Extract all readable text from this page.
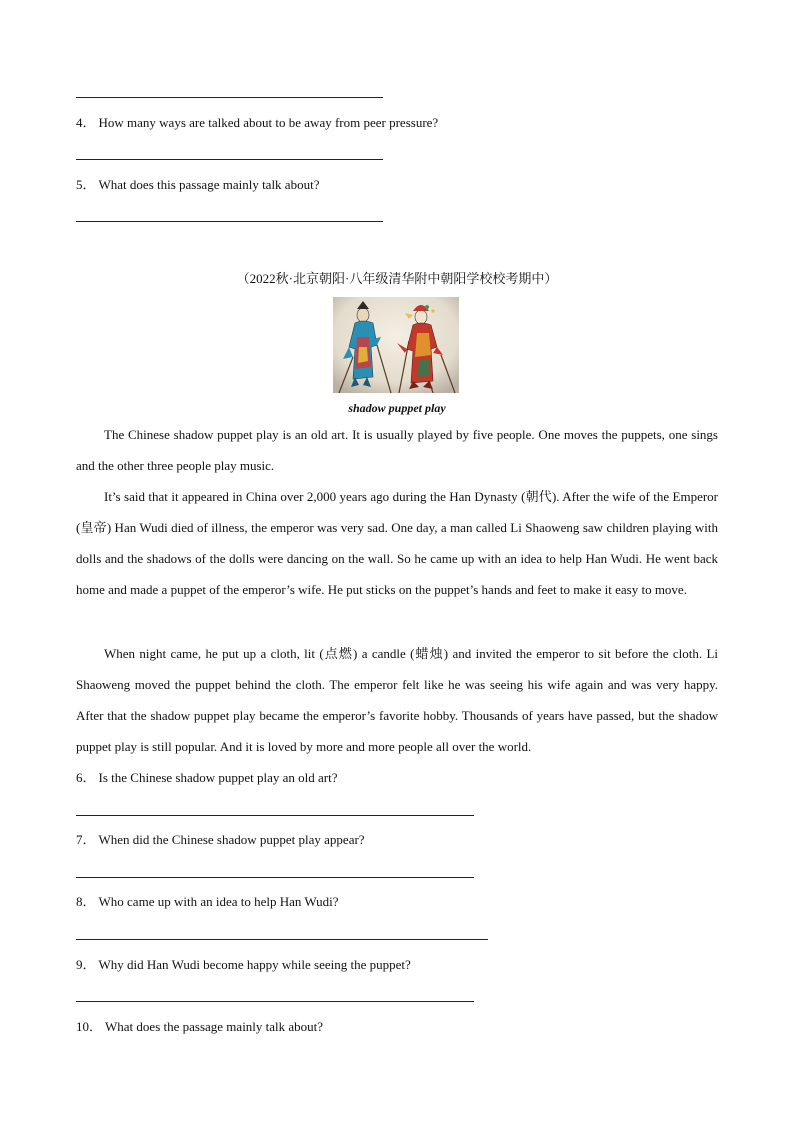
4． How many ways are talked about to be away from peer pressure?
5． What does this passage mainly talk about?
（2022秋·北京朝阳·八年级清华附中朝阳学校校考期中）
shadow puppet play

The Chinese shadow puppet play is an old art. It is usually played by five people. One moves the puppets, one sings and the other three people play music.

It’s said that it appeared in China over 2,000 years ago during the Han Dynasty (朝代). After the wife of the Emperor (皇帝) Han Wudi died of illness, the emperor was very sad. One day, a man called Li Shaoweng saw children playing with dolls and the shadows of the dolls were dancing on the wall. So he came up with an idea to help Han Wudi. He went back home and made a puppet of the emperor’s wife. He put sticks on the puppet’s hands and feet to make it easy to move.

When night came, he put up a cloth, lit (点燃) a candle (蜡烛) and invited the emperor to sit before the cloth. Li Shaoweng moved the puppet behind the cloth. The emperor felt like he was seeing his wife again and was very happy. After that the shadow puppet play became the emperor’s favorite hobby. Thousands of years have passed, but the shadow puppet play is still popular. And it is loved by more and more people all over the world.

6． Is the Chinese shadow puppet play an old art?
7． When did the Chinese shadow puppet play appear?
8． Who came up with an idea to help Han Wudi?
9． Why did Han Wudi become happy while seeing the puppet?
10． What does the passage mainly talk about?
